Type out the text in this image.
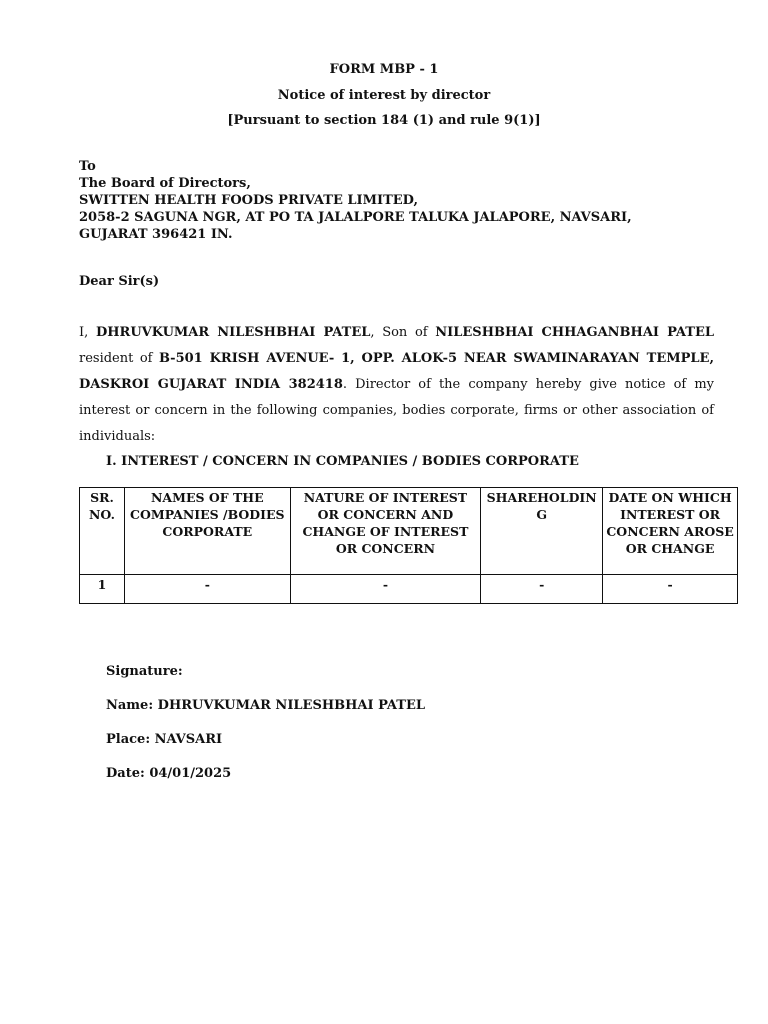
FORM MBP - 1
Notice of interest by director
[Pursuant to section 184 (1) and rule 9(1)]
To
The Board of Directors,
SWITTEN HEALTH FOODS PRIVATE LIMITED,
2058-2 SAGUNA NGR, AT PO TA JALALPORE TALUKA JALAPORE, NAVSARI,
GUJARAT 396421 IN.
Dear Sir(s)
I, DHRUVKUMAR NILESHBHAI PATEL, Son of NILESHBHAI CHHAGANBHAI PATEL resident of B-501 KRISH AVENUE- 1, OPP. ALOK-5 NEAR SWAMINARAYAN TEMPLE, DASKROI GUJARAT INDIA 382418. Director of the company hereby give notice of my interest or concern in the following companies, bodies corporate, firms or other association of individuals:
I. INTEREST / CONCERN IN COMPANIES / BODIES CORPORATE
SR. NO.	NAMES OF THE COMPANIES /BODIES CORPORATE	NATURE OF INTEREST OR CONCERN AND CHANGE OF INTEREST OR CONCERN	SHAREHOLDIN G	DATE ON WHICH INTEREST OR CONCERN AROSE
OR CHANGE
1	-	-	-	-
Signature:
Name: DHRUVKUMAR NILESHBHAI PATEL
Place: NAVSARI
Date: 04/01/2025
